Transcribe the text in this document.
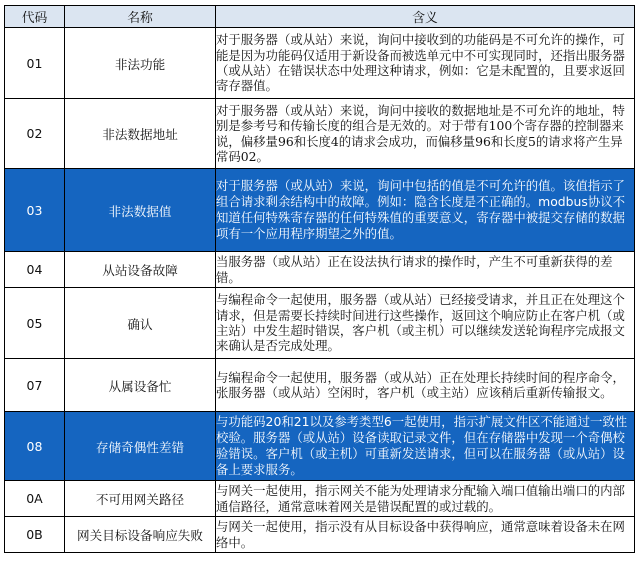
代码	名称	含义
01	非法功能	对于服务器（或从站）来说，询问中接收到的功能码是不可允许的操作，可能是因为功能码仅适用于新设备而被选单元中不可实现同时，还指出服务器（或从站）在错误状态中处理这种请求，例如：它是未配置的，且要求返回寄存器值。
02	非法数据地址	对于服务器（或从站）来说，询问中接收的数据地址是不可允许的地址，特别是参考号和传输长度的组合是无效的。对于带有100个寄存器的控制器来说，偏移量96和长度4的请求会成功，而偏移量96和长度5的请求将产生异常码02。
03	非法数据值	对于服务器（或从站）来说，询问中包括的值是不可允许的值。该值指示了组合请求剩余结构中的故障。例如：隐含长度是不正确的。modbus协议不知道任何特殊寄存器的任何特殊值的重要意义，寄存器中被提交存储的数据项有一个应用程序期望之外的值。
04	从站设备故障	当服务器（或从站）正在设法执行请求的操作时，产生不可重新获得的差错。
05	确认	与编程命令一起使用，服务器（或从站）已经接受请求，并且正在处理这个请求，但是需要长持续时间进行这些操作，返回这个响应防止在客户机（或主站）中发生超时错误，客户机（或主机）可以继续发送轮询程序完成报文来确认是否完成处理。
07	从属设备忙	与编程命令一起使用，服务器（或从站）正在处理长持续时间的程序命令，张服务器（或从站）空闲时，客户机（或主站）应该稍后重新传输报文。
08	存储奇偶性差错	与功能码20和21以及参考类型6一起使用，指示扩展文件区不能通过一致性校验。服务器（或从站）设备读取记录文件，但在存储器中发现一个奇偶校验错误。客户机（或主机）可重新发送请求，但可以在服务器（或从站）设备上要求服务。
0A	不可用网关路径	与网关一起使用，指示网关不能为处理请求分配输入端口值输出端口的内部通信路径，通常意味着网关是错误配置的或过载的。
0B	网关目标设备响应失败	与网关一起使用，指示没有从目标设备中获得响应，通常意味着设备未在网络中。
